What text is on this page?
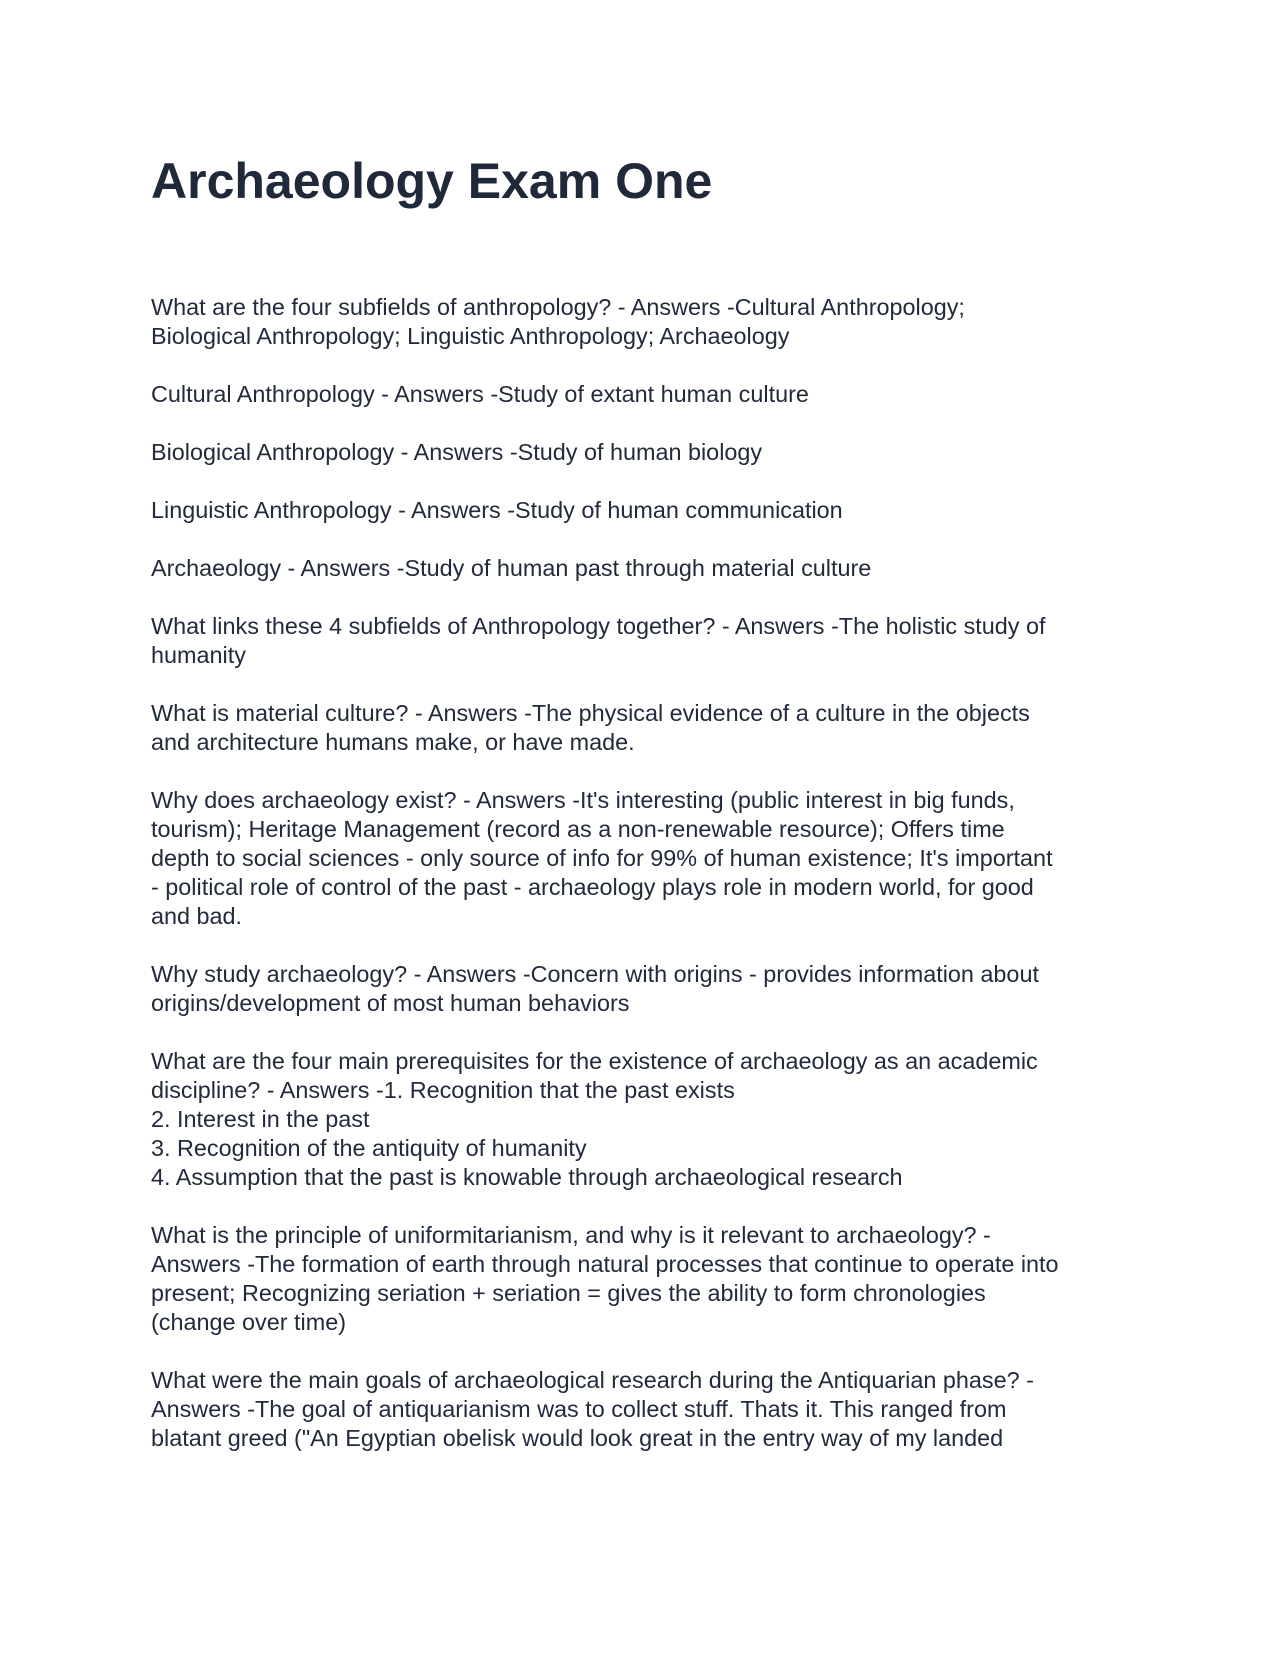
Archaeology Exam One

What are the four subfields of anthropology? - Answers -Cultural Anthropology;
Biological Anthropology; Linguistic Anthropology; Archaeology

Cultural Anthropology - Answers -Study of extant human culture

Biological Anthropology - Answers -Study of human biology

Linguistic Anthropology - Answers -Study of human communication

Archaeology - Answers -Study of human past through material culture

What links these 4 subfields of Anthropology together? - Answers -The holistic study of
humanity

What is material culture? - Answers -The physical evidence of a culture in the objects
and architecture humans make, or have made.

Why does archaeology exist? - Answers -It's interesting (public interest in big funds,
tourism); Heritage Management (record as a non-renewable resource); Offers time
depth to social sciences - only source of info for 99% of human existence; It's important
- political role of control of the past - archaeology plays role in modern world, for good
and bad.

Why study archaeology? - Answers -Concern with origins - provides information about
origins/development of most human behaviors

What are the four main prerequisites for the existence of archaeology as an academic
discipline? - Answers -1. Recognition that the past exists
2. Interest in the past
3. Recognition of the antiquity of humanity
4. Assumption that the past is knowable through archaeological research

What is the principle of uniformitarianism, and why is it relevant to archaeology? -
Answers -The formation of earth through natural processes that continue to operate into
present; Recognizing seriation + seriation = gives the ability to form chronologies
(change over time)

What were the main goals of archaeological research during the Antiquarian phase? -
Answers -The goal of antiquarianism was to collect stuff. Thats it. This ranged from
blatant greed ("An Egyptian obelisk would look great in the entry way of my landed
